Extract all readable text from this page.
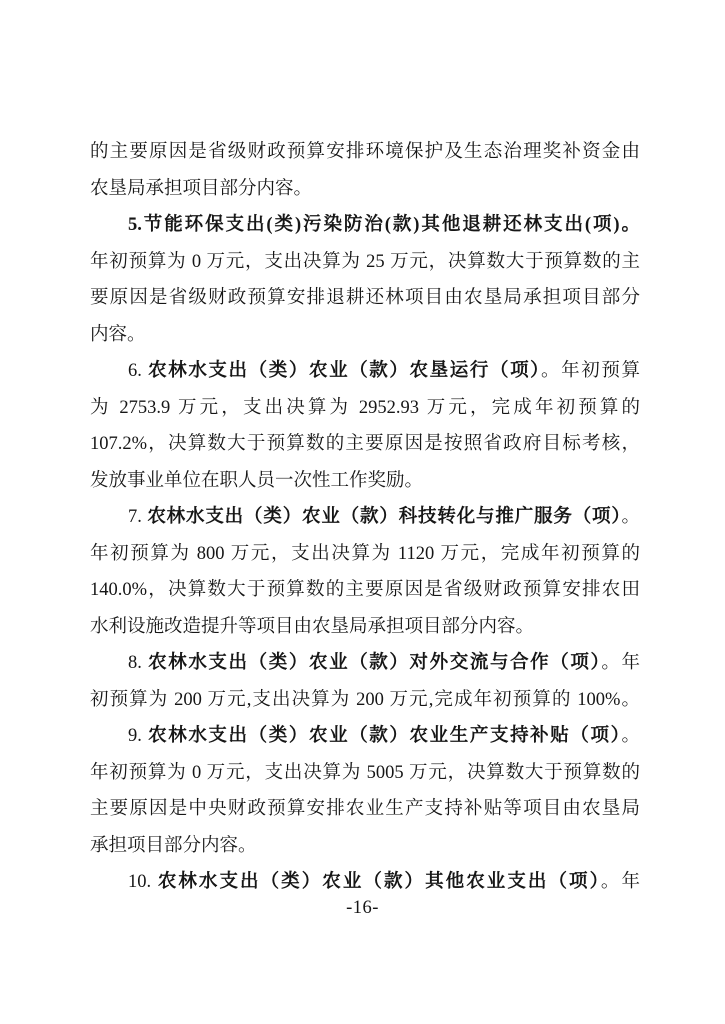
的主要原因是省级财政预算安排环境保护及生态治理奖补资金由
农垦局承担项目部分内容。
5.节能环保支出(类)污染防治(款)其他退耕还林支出(项)。
年初预算为 0 万元，支出决算为 25 万元，决算数大于预算数的主
要原因是省级财政预算安排退耕还林项目由农垦局承担项目部分
内容。
6. 农林水支出（类）农业（款）农垦运行（项）。年初预算
为 2753.9 万元，支出决算为 2952.93 万元，完成年初预算的
107.2%，决算数大于预算数的主要原因是按照省政府目标考核，
发放事业单位在职人员一次性工作奖励。
7. 农林水支出（类）农业（款）科技转化与推广服务（项）。
年初预算为 800 万元，支出决算为 1120 万元，完成年初预算的
140.0%，决算数大于预算数的主要原因是省级财政预算安排农田
水利设施改造提升等项目由农垦局承担项目部分内容。
8. 农林水支出（类）农业（款）对外交流与合作（项）。年
初预算为 200 万元,支出决算为 200 万元,完成年初预算的 100%。
9. 农林水支出（类）农业（款）农业生产支持补贴（项）。
年初预算为 0 万元，支出决算为 5005 万元，决算数大于预算数的
主要原因是中央财政预算安排农业生产支持补贴等项目由农垦局
承担项目部分内容。
10. 农林水支出（类）农业（款）其他农业支出（项）。年
-16-
